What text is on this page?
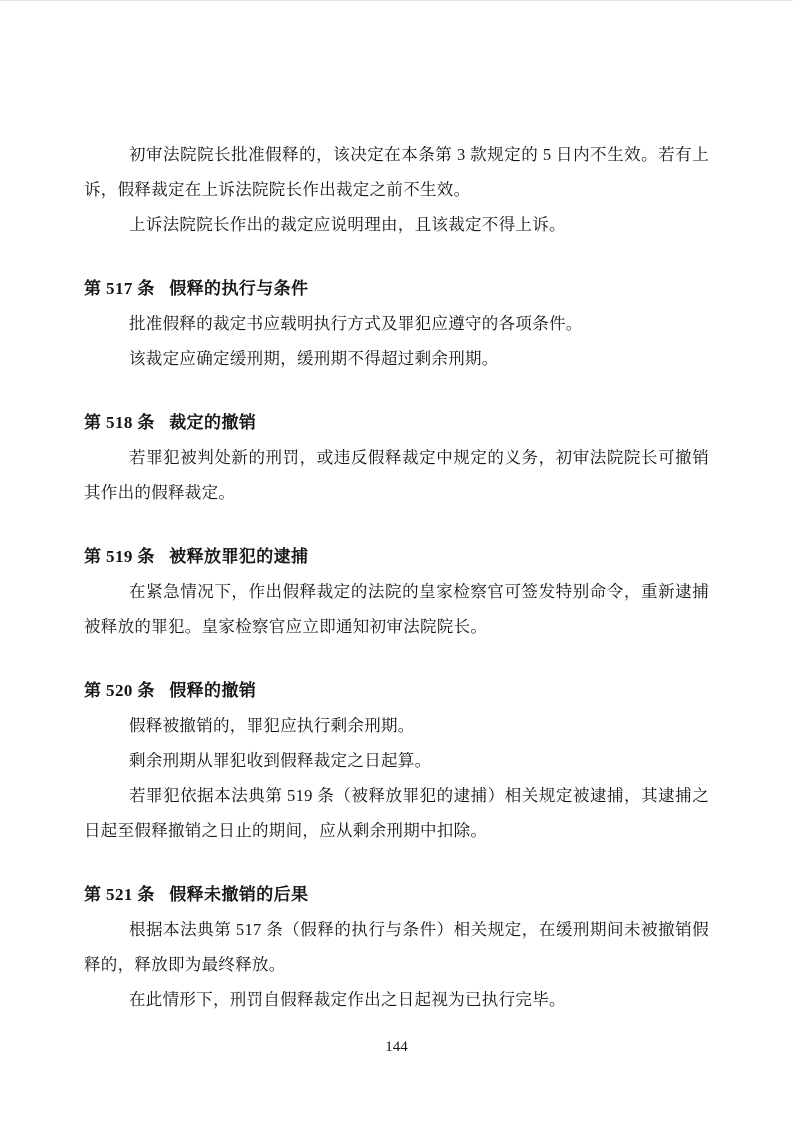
初审法院院长批准假释的，该决定在本条第 3 款规定的 5 日内不生效。若有上诉，假释裁定在上诉法院院长作出裁定之前不生效。

上诉法院院长作出的裁定应说明理由，且该裁定不得上诉。

第 517 条 假释的执行与条件

批准假释的裁定书应载明执行方式及罪犯应遵守的各项条件。

该裁定应确定缓刑期，缓刑期不得超过剩余刑期。

第 518 条 裁定的撤销

若罪犯被判处新的刑罚，或违反假释裁定中规定的义务，初审法院院长可撤销其作出的假释裁定。

第 519 条 被释放罪犯的逮捕

在紧急情况下，作出假释裁定的法院的皇家检察官可签发特别命令，重新逮捕被释放的罪犯。皇家检察官应立即通知初审法院院长。

第 520 条 假释的撤销

假释被撤销的，罪犯应执行剩余刑期。

剩余刑期从罪犯收到假释裁定之日起算。

若罪犯依据本法典第 519 条（被释放罪犯的逮捕）相关规定被逮捕，其逮捕之日起至假释撤销之日止的期间，应从剩余刑期中扣除。

第 521 条 假释未撤销的后果

根据本法典第 517 条（假释的执行与条件）相关规定，在缓刑期间未被撤销假释的，释放即为最终释放。

在此情形下，刑罚自假释裁定作出之日起视为已执行完毕。

144
